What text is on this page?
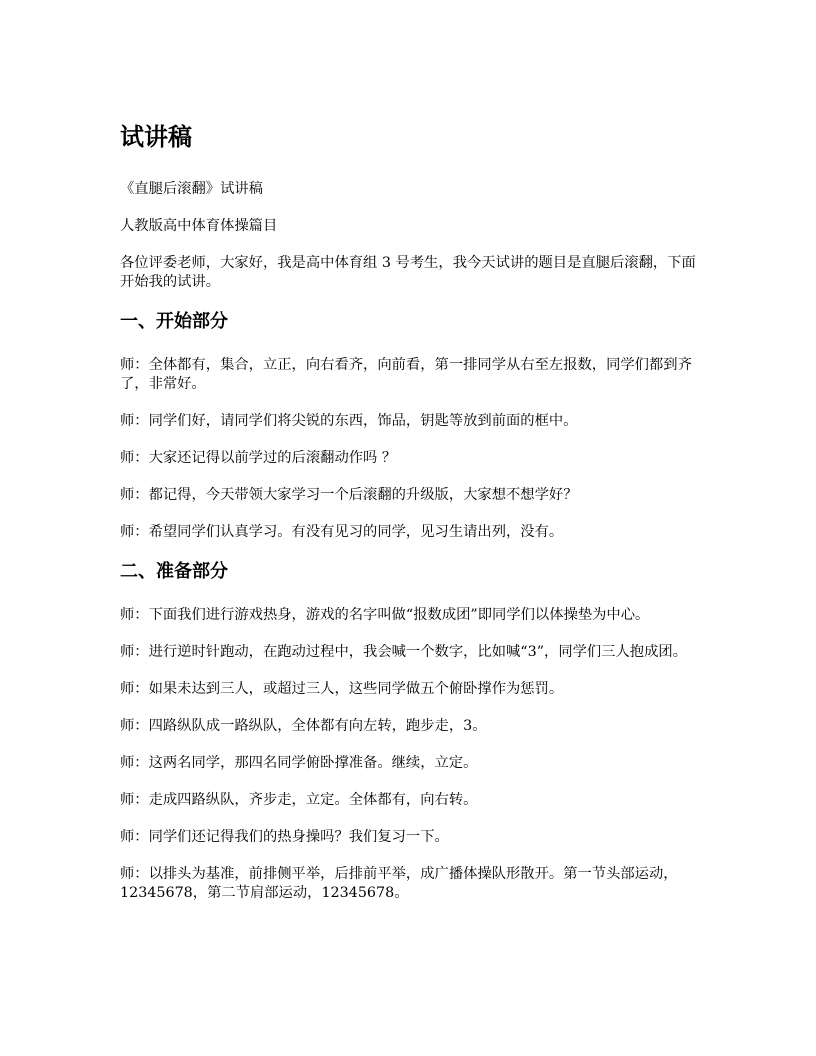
试讲稿

《直腿后滚翻》试讲稿

人教版高中体育体操篇目

各位评委老师，大家好，我是高中体育组 3 号考生，我今天试讲的题目是直腿后滚翻，下面开始我的试讲。

一、开始部分

师：全体都有，集合，立正，向右看齐，向前看，第一排同学从右至左报数，同学们都到齐了，非常好。

师：同学们好，请同学们将尖锐的东西，饰品，钥匙等放到前面的框中。

师：大家还记得以前学过的后滚翻动作吗 ？

师：都记得，今天带领大家学习一个后滚翻的升级版，大家想不想学好？

师：希望同学们认真学习。有没有见习的同学，见习生请出列，没有。

二、准备部分

师：下面我们进行游戏热身，游戏的名字叫做“报数成团”即同学们以体操垫为中心。

师：进行逆时针跑动，在跑动过程中，我会喊一个数字，比如喊“3”，同学们三人抱成团。

师：如果未达到三人，或超过三人，这些同学做五个俯卧撑作为惩罚。

师：四路纵队成一路纵队，全体都有向左转，跑步走，3。

师：这两名同学，那四名同学俯卧撑准备。继续，立定。

师：走成四路纵队，齐步走，立定。全体都有，向右转。

师：同学们还记得我们的热身操吗？我们复习一下。

师：以排头为基准，前排侧平举，后排前平举，成广播体操队形散开。第一节头部运动，12345678，第二节肩部运动，12345678。
